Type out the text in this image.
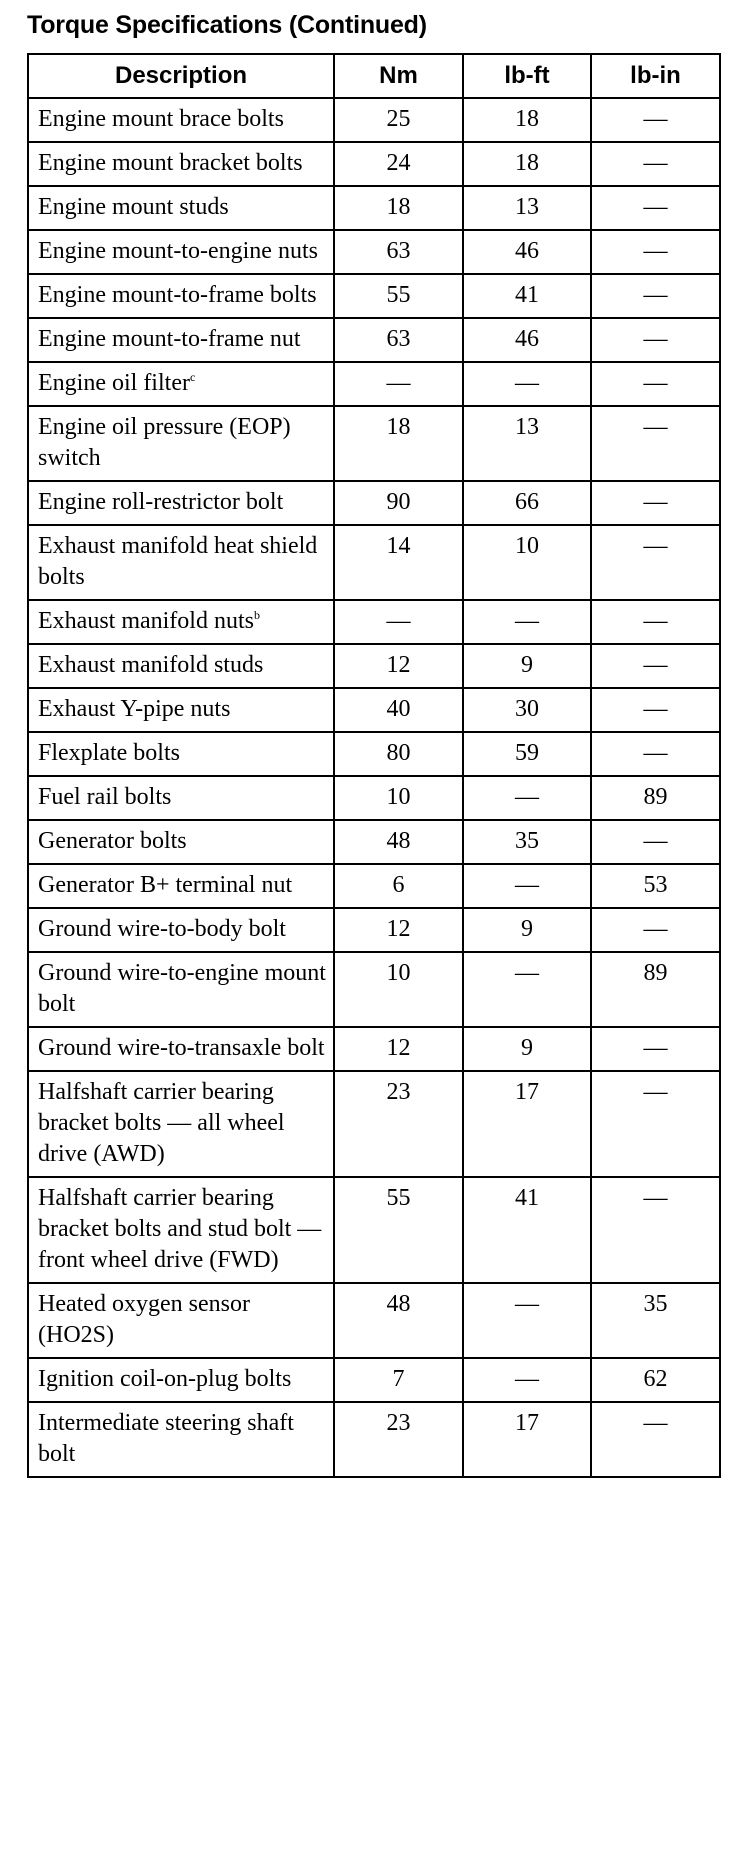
Torque Specifications (Continued)
Description	Nm	lb-ft	lb-in
Engine mount brace bolts	25	18	—
Engine mount bracket bolts	24	18	—
Engine mount studs	18	13	—
Engine mount-to-engine nuts	63	46	—
Engine mount-to-frame bolts	55	41	—
Engine mount-to-frame nut	63	46	—
Engine oil filter$^c$	—	—	—
Engine oil pressure (EOP) switch	18	13	—
Engine roll-restrictor bolt	90	66	—
Exhaust manifold heat shield bolts	14	10	—
Exhaust manifold nuts$^b$	—	—	—
Exhaust manifold studs	12	9	—
Exhaust Y-pipe nuts	40	30	—
Flexplate bolts	80	59	—
Fuel rail bolts	10	—	89
Generator bolts	48	35	—
Generator B+ terminal nut	6	—	53
Ground wire-to-body bolt	12	9	—
Ground wire-to-engine mount bolt	10	—	89
Ground wire-to-transaxle bolt	12	9	—
Halfshaft carrier bearing bracket bolts — all wheel drive (AWD)	23	17	—
Halfshaft carrier bearing bracket bolts and stud bolt — front wheel drive (FWD)	55	41	—
Heated oxygen sensor (HO2S)	48	—	35
Ignition coil-on-plug bolts	7	—	62
Intermediate steering shaft bolt	23	17	—
